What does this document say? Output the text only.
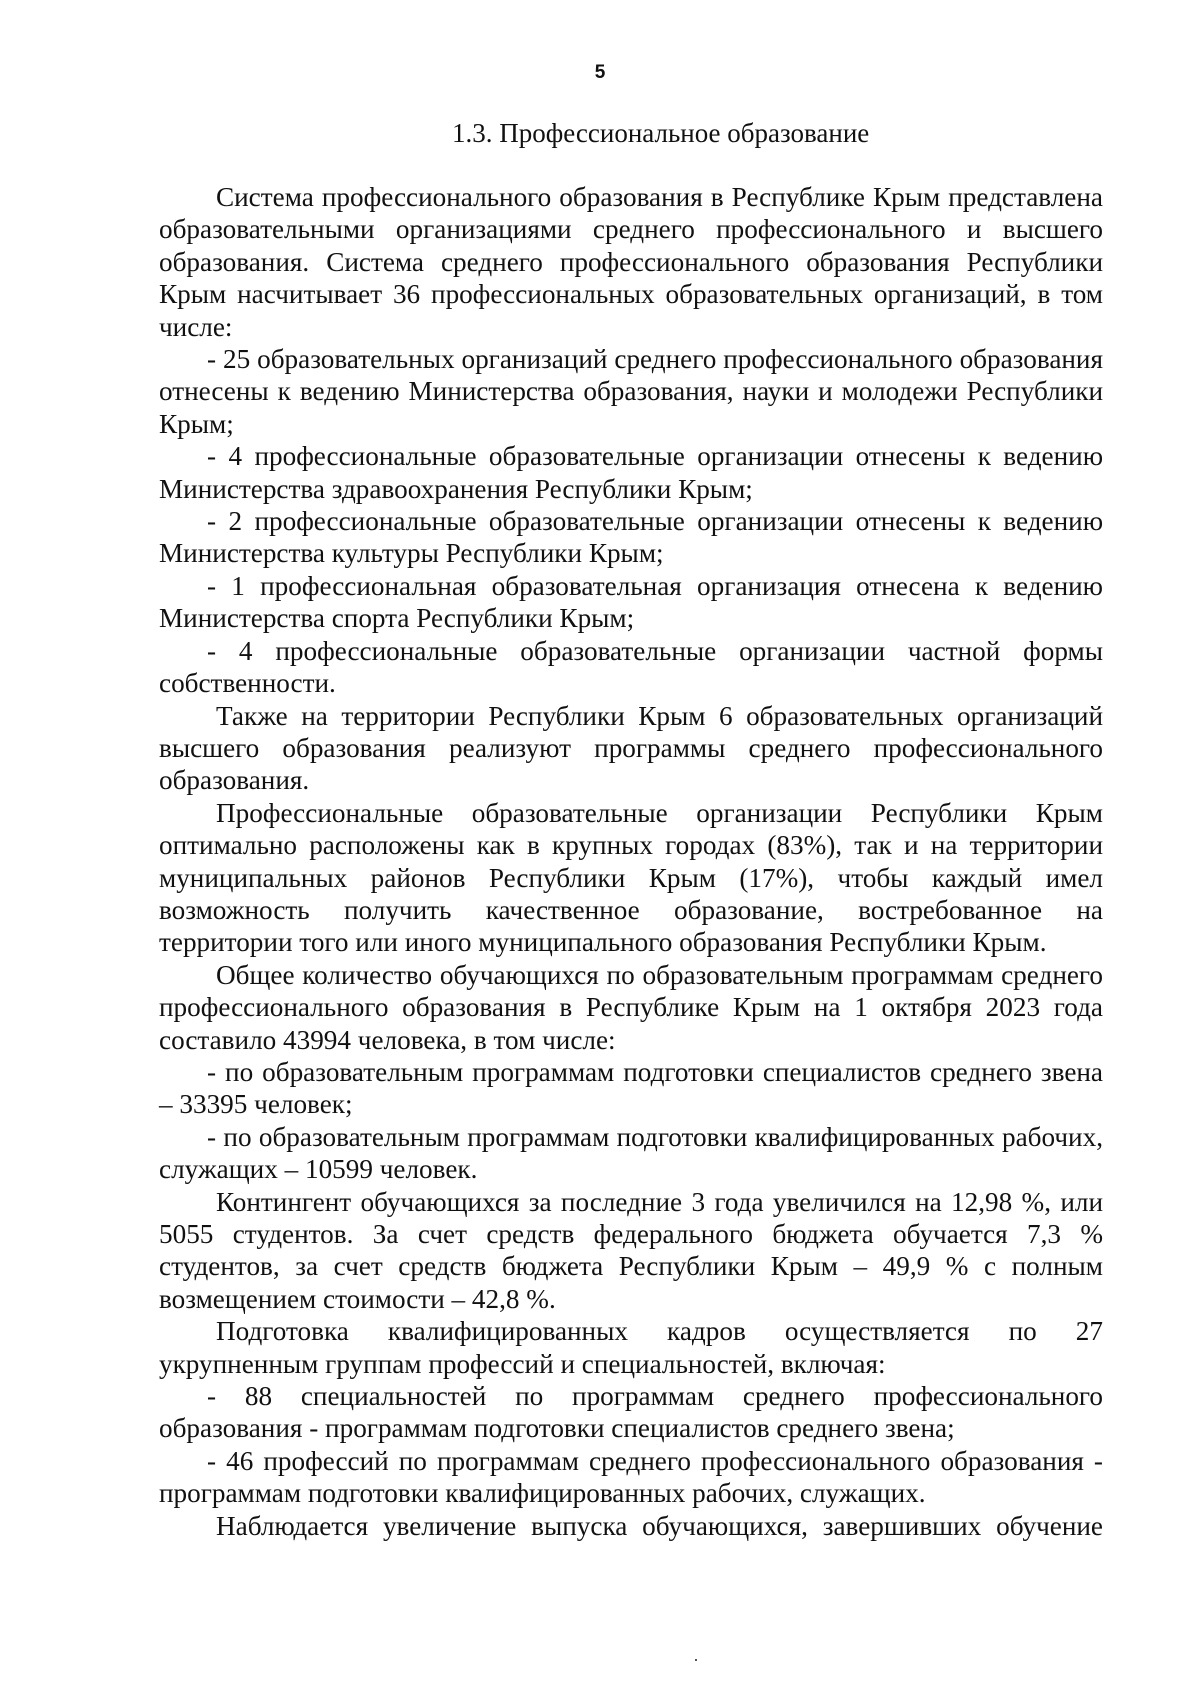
5
1.3. Профессиональное образование

Система профессионального образования в Республике Крым представлена образовательными организациями среднего профессионального и высшего образования. Система среднего профессионального образования Республики Крым насчитывает 36 профессиональных образовательных организаций, в том числе:

- 25 образовательных организаций среднего профессионального образования отнесены к ведению Министерства образования, науки и молодежи Республики Крым;

- 4 профессиональные образовательные организации отнесены к ведению Министерства здравоохранения Республики Крым;

- 2 профессиональные образовательные организации отнесены к ведению Министерства культуры Республики Крым;

- 1 профессиональная образовательная организация отнесена к ведению Министерства спорта Республики Крым;

- 4 профессиональные образовательные организации частной формы собственности.

Также на территории Республики Крым 6 образовательных организаций высшего образования реализуют программы среднего профессионального образования.

Профессиональные образовательные организации Республики Крым оптимально расположены как в крупных городах (83%), так и на территории муниципальных районов Республики Крым (17%), чтобы каждый имел возможность получить качественное образование, востребованное на территории того или иного муниципального образования Республики Крым.

Общее количество обучающихся по образовательным программам среднего профессионального образования в Республике Крым на 1 октября 2023 года составило 43994 человека, в том числе:

- по образовательным программам подготовки специалистов среднего звена – 33395 человек;

- по образовательным программам подготовки квалифицированных рабочих, служащих – 10599 человек.

Контингент обучающихся за последние 3 года увеличился на 12,98 %, или 5055 студентов. За счет средств федерального бюджета обучается 7,3 % студентов, за счет средств бюджета Республики Крым – 49,9 % с полным возмещением стоимости – 42,8 %.

Подготовка квалифицированных кадров осуществляется по 27 укрупненным группам профессий и специальностей, включая:

- 88 специальностей по программам среднего профессионального образования - программам подготовки специалистов среднего звена;

- 46 профессий по программам среднего профессионального образования - программам подготовки квалифицированных рабочих, служащих.

Наблюдается увеличение выпуска обучающихся, завершивших обучение
